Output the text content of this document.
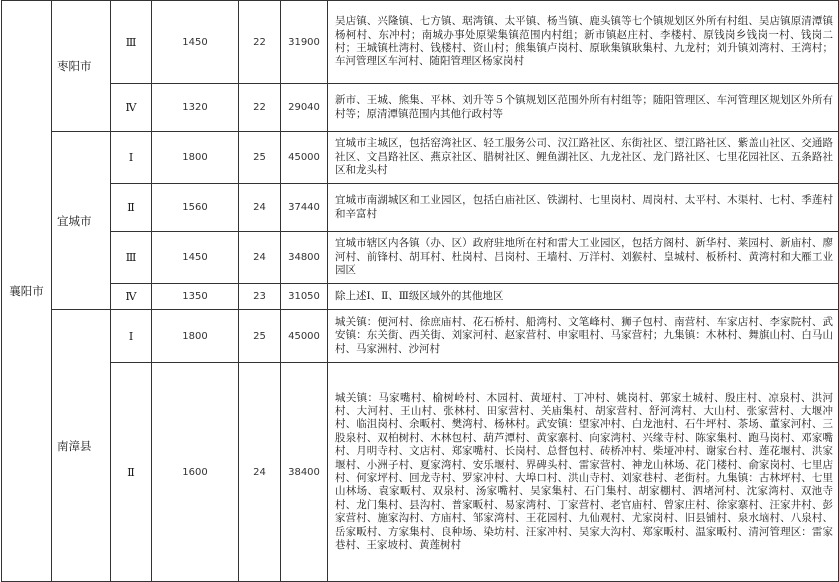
襄阳市	枣阳市	Ⅲ	1450	22	31900	吴店镇、兴隆镇、七方镇、琚湾镇、太平镇、杨当镇、鹿头镇等七个镇规划区外所有村组、吴店镇原清潭镇杨柯村、东冲村；南城办事处原梁集镇范围内村组；新市镇赵庄村、李楼村、原钱岗乡钱岗一村、钱岗二村；王城镇杜湾村、钱楼村、资山村；熊集镇卢岗村、原耿集镇耿集村、九龙村；刘升镇刘湾村、王湾村；车河管理区车河村、随阳管理区杨家岗村
		Ⅳ	1320	22	29040	新市、王城、熊集、平林、刘升等５个镇规划区范围外所有村组等；随阳管理区、车河管理区规划区外所有村等；原清潭镇范围内其他行政村等
	宜城市	Ⅰ	1800	25	45000	宜城市主城区，包括窑湾社区、轻工服务公司、汉江路社区、东街社区、望江路社区、紫盖山社区、交通路社区、文昌路社区、燕京社区、腊树社区、鲤鱼湖社区、九龙社区、龙门路社区、七里花园社区、五条路社区和龙头村
		Ⅱ	1560	24	37440	宜城市南湖城区和工业园区，包括白庙社区、铁湖村、七里岗村、周岗村、太平村、木渠村、七村、季莲村和辛富村
		Ⅲ	1450	24	34800	宜城市辖区内各镇（办、区）政府驻地所在村和雷大工业园区，包括方阁村、新华村、莱园村、新庙村、廖河村、前锋村、胡耳村、杜岗村、吕岗村、王墙村、万洋村、刘猴村、皇城村、板桥村、黄湾村和大雁工业园区
		Ⅳ	1350	23	31050	除上述Ⅰ、Ⅱ、Ⅲ级区域外的其他地区
	南漳县	Ⅰ	1800	25	45000	城关镇：便河村、徐庶庙村、花石桥村、船湾村、文笔峰村、狮子包村、南营村、车家店村、李家院村、武安镇：东关街、西关街、刘家河村、赵家营村、申家咀村、马家营村；九集镇：木林村、舞旗山村、白马山村、马家洲村、沙河村
		Ⅱ	1600	24	38400	城关镇：马家嘴村、榆树岭村、木园村、黄垭村、丁冲村、姚岗村、郭家土城村、殷庄村、凉泉村、洪河村、大河村、王山村、张林村、田家营村、关庙集村、胡家营村、舒河湾村、大山村、张家营村、大堰冲村、临沮岗村、余畈村、樊湾村、杨林村。武安镇：望家冲村、白龙池村、石牛坪村、茶场、董家河村、三股泉村、双柏树村、木林包村、葫芦潭村、黄家寨村、向家湾村、兴缘寺村、陈家集村、跑马岗村、邓家嘴村、月明寺村、文店村、郑家嘴村、长岗村、总督包村、砖桥冲村、柴垭冲村、谢家台村、莲花堰村、洪家堰村、小洲子村、夏家湾村、安乐堰村、界碑头村、雷家营村、神龙山林场、花门楼村、俞家岗村、七里店村、何家坪村、回龙寺村、罗家冲村、大埠口村、洪山寺村、刘家巷村、老街村。九集镇：古林坪村、七里山林场、袁家畈村、双泉村、汤家嘴村、吴家集村、石门集村、胡家棚村、泗堵河村、沈家湾村、双池寺村、龙门集村、县沟村、普家畈村、易家湾村、丁家营村、老官庙村、曾家庄村、徐家寨村、汪家井村、彭家营村、施家沟村、方庙村、邹家湾村、王花园村、九仙观村、尤家岗村、旧县铺村、泉水垴村、八泉村、岳家畈村、方家集村、良种场、染坊村、汪家冲村、吴家大沟村、郑家畈村、温家畈村、清河管理区：雷家巷村、王家坡村、黄莲树村
